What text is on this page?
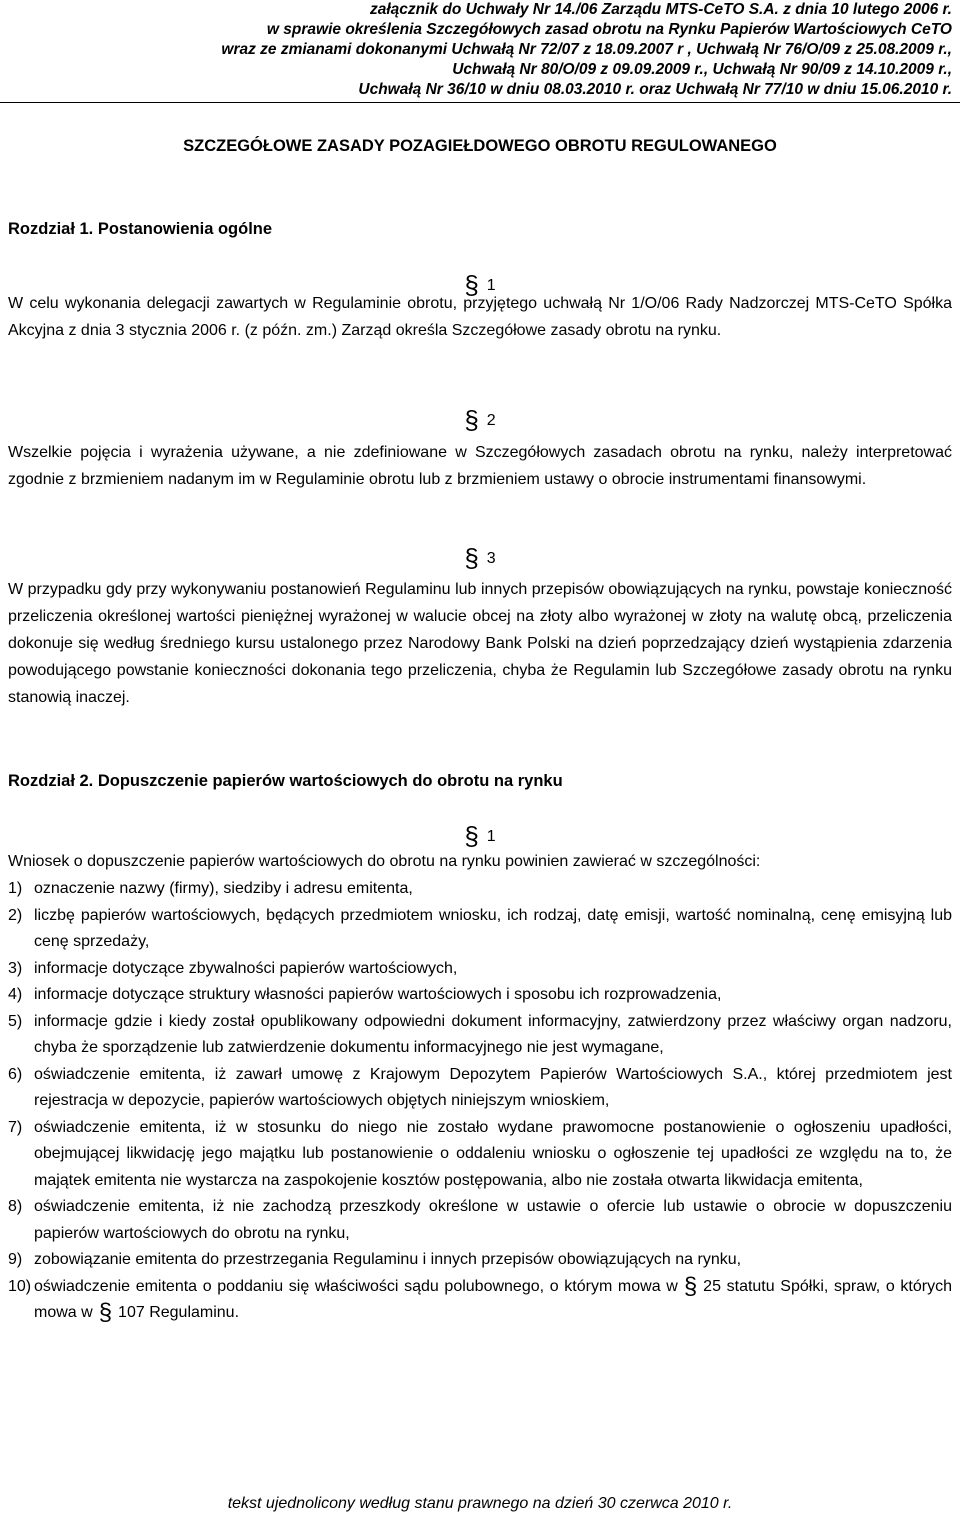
załącznik do Uchwały Nr 14./06 Zarządu MTS-CeTO S.A. z dnia 10 lutego 2006 r.
w sprawie określenia Szczegółowych zasad obrotu na Rynku Papierów Wartościowych CeTO
wraz ze zmianami dokonanymi Uchwałą Nr 72/07 z 18.09.2007 r , Uchwałą Nr 76/O/09 z 25.08.2009 r.,
Uchwałą Nr 80/O/09 z 09.09.2009 r., Uchwałą Nr 90/09 z 14.10.2009 r.,
Uchwałą Nr 36/10 w dniu 08.03.2010 r. oraz Uchwałą Nr 77/10 w dniu 15.06.2010 r.
SZCZEGÓŁOWE ZASADY POZAGIEŁDOWEGO OBROTU REGULOWANEGO
Rozdział 1. Postanowienia ogólne
§ 1
W celu wykonania delegacji zawartych w Regulaminie obrotu, przyjętego uchwałą Nr 1/O/06 Rady Nadzorczej MTS-CeTO Spółka Akcyjna z dnia 3 stycznia 2006 r. (z późn. zm.) Zarząd określa Szczegółowe zasady obrotu na rynku.
§ 2
Wszelkie pojęcia i wyrażenia używane, a nie zdefiniowane w Szczegółowych zasadach obrotu na rynku, należy interpretować zgodnie z brzmieniem nadanym im w Regulaminie obrotu lub z brzmieniem ustawy o obrocie instrumentami finansowymi.
§ 3
W przypadku gdy przy wykonywaniu postanowień Regulaminu lub innych przepisów obowiązujących na rynku, powstaje konieczność przeliczenia określonej wartości pieniężnej wyrażonej w walucie obcej na złoty albo wyrażonej w złoty na walutę obcą, przeliczenia dokonuje się według średniego kursu ustalonego przez Narodowy Bank Polski na dzień poprzedzający dzień wystąpienia zdarzenia powodującego powstanie konieczności dokonania tego przeliczenia, chyba że Regulamin lub Szczegółowe zasady obrotu na rynku stanowią inaczej.
Rozdział 2. Dopuszczenie papierów wartościowych do obrotu na rynku
§ 1
Wniosek o dopuszczenie papierów wartościowych do obrotu na rynku powinien zawierać w szczególności:
1) oznaczenie nazwy (firmy), siedziby i adresu emitenta,
2) liczbę papierów wartościowych, będących przedmiotem wniosku, ich rodzaj, datę emisji, wartość nominalną, cenę emisyjną lub cenę sprzedaży,
3) informacje dotyczące zbywalności papierów wartościowych,
4) informacje dotyczące struktury własności papierów wartościowych i sposobu ich rozprowadzenia,
5) informacje gdzie i kiedy został opublikowany odpowiedni dokument informacyjny, zatwierdzony przez właściwy organ nadzoru, chyba że sporządzenie lub zatwierdzenie dokumentu informacyjnego nie jest wymagane,
6) oświadczenie emitenta, iż zawarł umowę z Krajowym Depozytem Papierów Wartościowych S.A., której przedmiotem jest rejestracja w depozycie, papierów wartościowych objętych niniejszym wnioskiem,
7) oświadczenie emitenta, iż w stosunku do niego nie zostało wydane prawomocne postanowienie o ogłoszeniu upadłości, obejmującej likwidację jego majątku lub postanowienie o oddaleniu wniosku o ogłoszenie tej upadłości ze względu na to, że majątek emitenta nie wystarcza na zaspokojenie kosztów postępowania, albo nie została otwarta likwidacja emitenta,
8) oświadczenie emitenta, iż nie zachodzą przeszkody określone w ustawie o ofercie lub ustawie o obrocie w dopuszczeniu papierów wartościowych do obrotu na rynku,
9) zobowiązanie emitenta do przestrzegania Regulaminu i innych przepisów obowiązujących na rynku,
10) oświadczenie emitenta o poddaniu się właściwości sądu polubownego, o którym mowa w § 25 statutu Spółki, spraw, o których mowa w § 107 Regulaminu.
tekst ujednolicony według stanu prawnego na dzień 30 czerwca 2010 r.
